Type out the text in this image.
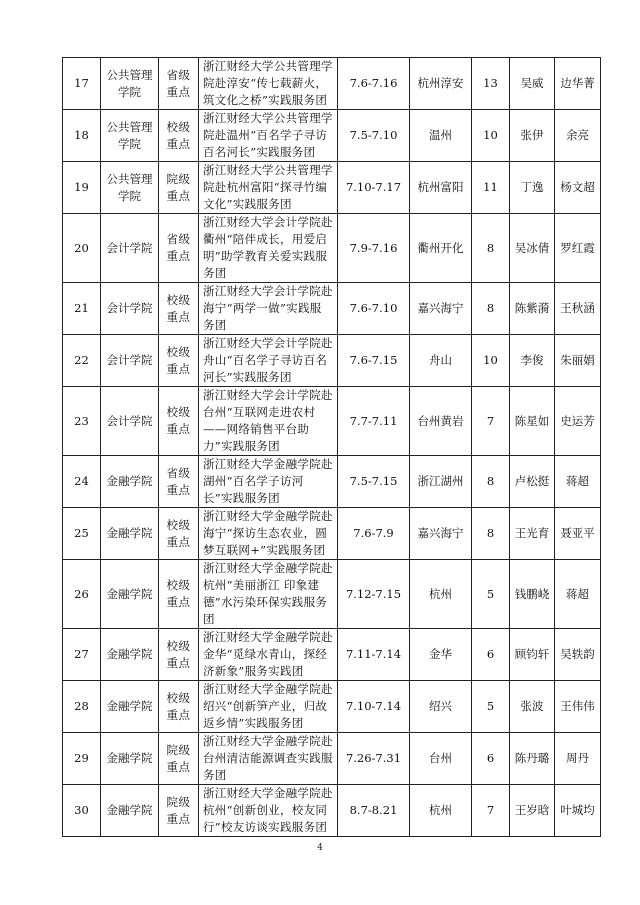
17	公共管理学院	省级重点	浙江财经大学公共管理学院赴淳安“传七载薪火，筑文化之桥”实践服务团	7.6-7.16	杭州淳安	13	吴威	边华菁
18	公共管理学院	校级重点	浙江财经大学公共管理学院赴温州“百名学子寻访百名河长”实践服务团	7.5-7.10	温州	10	张伊	余亮
19	公共管理学院	院级重点	浙江财经大学公共管理学院赴杭州富阳“探寻竹编文化”实践服务团	7.10-7.17	杭州富阳	11	丁逸	杨文超
20	会计学院	省级重点	浙江财经大学会计学院赴衢州“陪伴成长，用爱启明”助学教育关爱实践服务团	7.9-7.16	衢州开化	8	吴冰倩	罗红霞
21	会计学院	校级重点	浙江财经大学会计学院赴海宁“两学一做”实践服务团	7.6-7.10	嘉兴海宁	8	陈紫漪	王秋涵
22	会计学院	校级重点	浙江财经大学会计学院赴舟山“百名学子寻访百名河长”实践服务团	7.6-7.15	舟山	10	李俊	朱丽娟
23	会计学院	校级重点	浙江财经大学会计学院赴台州“互联网走进农村——网络销售平台助力”实践服务团	7.7-7.11	台州黄岩	7	陈星如	史运芳
24	金融学院	省级重点	浙江财经大学金融学院赴湖州“百名学子访河长”实践服务团	7.5-7.15	浙江湖州	8	卢松挺	蒋超
25	金融学院	校级重点	浙江财经大学金融学院赴海宁“探访生态农业，圆梦互联网+”实践服务团	7.6-7.9	嘉兴海宁	8	王光育	聂亚平
26	金融学院	校级重点	浙江财经大学金融学院赴杭州“美丽浙江 印象建德”水污染环保实践服务团	7.12-7.15	杭州	5	钱鹏峣	蒋超
27	金融学院	校级重点	浙江财经大学金融学院赴金华“觅绿水青山，探经济新象”服务实践团	7.11-7.14	金华	6	顾钧轩	吴轶韵
28	金融学院	校级重点	浙江财经大学金融学院赴绍兴“创新笋产业，归故返乡情”实践服务团	7.10-7.14	绍兴	5	张波	王伟伟
29	金融学院	院级重点	浙江财经大学金融学院赴台州清洁能源调查实践服务团	7.26-7.31	台州	6	陈丹璐	周丹
30	金融学院	院级重点	浙江财经大学金融学院赴杭州“创新创业，校友同行”校友访谈实践服务团	8.7-8.21	杭州	7	王岁晗	叶城均
4
